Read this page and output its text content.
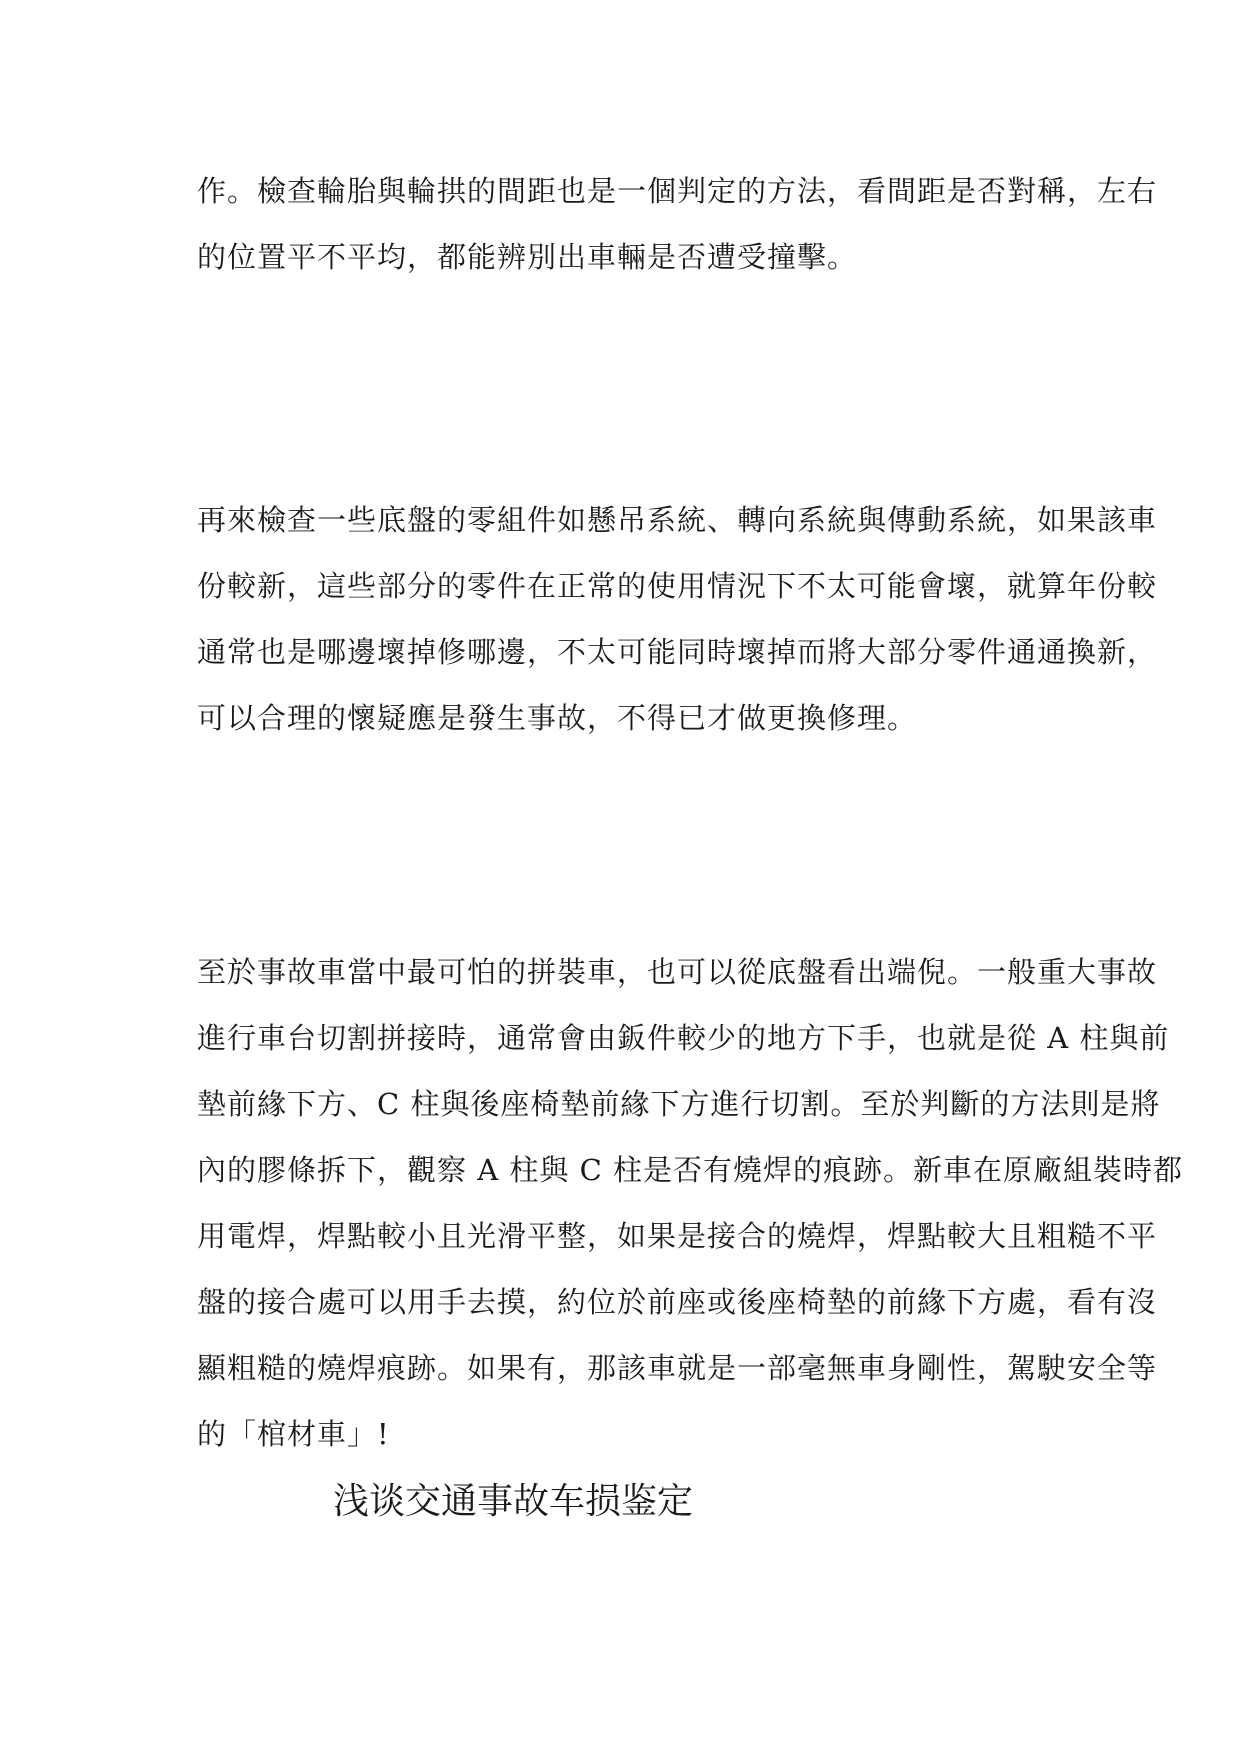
作。檢查輪胎與輪拱的間距也是一個判定的方法，看間距是否對稱，左右
的位置平不平均，都能辨別出車輛是否遭受撞擊。

再來檢查一些底盤的零組件如懸吊系統、轉向系統與傳動系統，如果該車
份較新，這些部分的零件在正常的使用情況下不太可能會壞，就算年份較
通常也是哪邊壞掉修哪邊，不太可能同時壞掉而將大部分零件通通換新，
可以合理的懷疑應是發生事故，不得已才做更換修理。

至於事故車當中最可怕的拼裝車，也可以從底盤看出端倪。一般重大事故
進行車台切割拼接時，通常會由鈑件較少的地方下手，也就是從 A 柱與前
墊前緣下方、C 柱與後座椅墊前緣下方進行切割。至於判斷的方法則是將
內的膠條拆下，觀察 A 柱與 C 柱是否有燒焊的痕跡。新車在原廠組裝時都
用電焊，焊點較小且光滑平整，如果是接合的燒焊，焊點較大且粗糙不平
盤的接合處可以用手去摸，約位於前座或後座椅墊的前緣下方處，看有沒
顯粗糙的燒焊痕跡。如果有，那該車就是一部毫無車身剛性，駕駛安全等
的「棺材車」!

浅谈交通事故车损鉴定
